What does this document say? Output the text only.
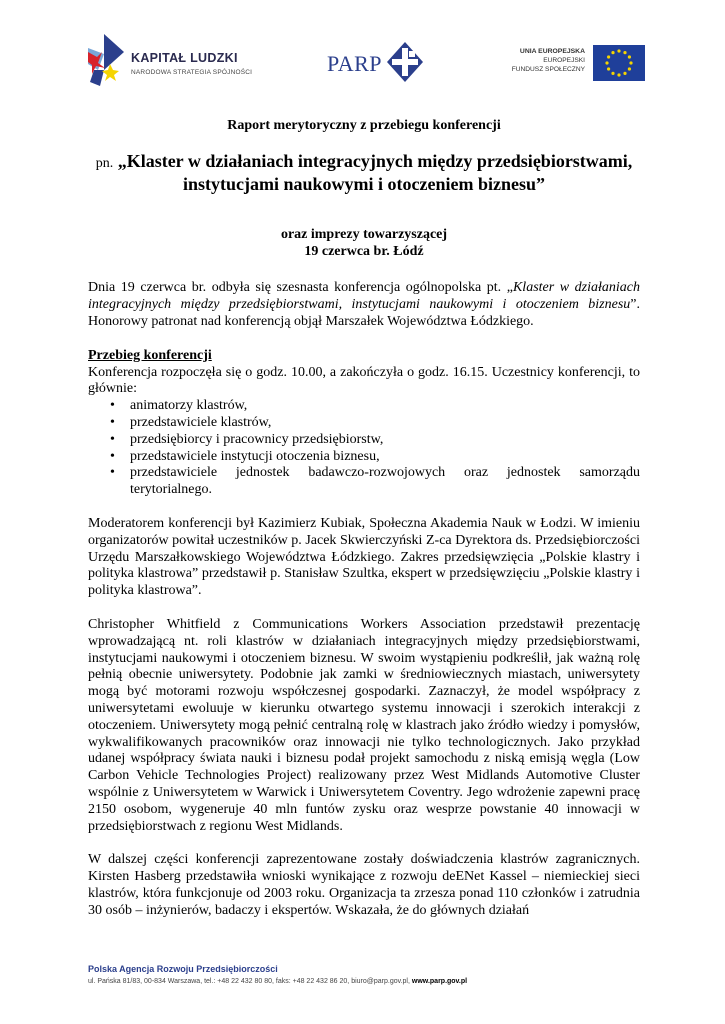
KAPITAŁ LUDZKI
NARODOWA STRATEGIA SPÓJNOŚCI	PARP	UNIA EUROPEJSKA
EUROPEJSKI
FUNDUSZ SPOŁECZNY
Raport merytoryczny z przebiegu konferencji
pn. „Klaster w działaniach integracyjnych między przedsiębiorstwami,
instytucjami naukowymi i otoczeniem biznesu”
oraz imprezy towarzyszącej
19 czerwca br. Łódź

Dnia 19 czerwca br. odbyła się szesnasta konferencja ogólnopolska pt. „Klaster w działaniach integracyjnych między przedsiębiorstwami, instytucjami naukowymi i otoczeniem biznesu”. Honorowy patronat nad konferencją objął Marszałek Województwa Łódzkiego.

Przebieg konferencji

Konferencja rozpoczęła się o godz. 10.00, a zakończyła o godz. 16.15. Uczestnicy konferencji, to głównie:

• animatorzy klastrów,
• przedstawiciele klastrów,
• przedsiębiorcy i pracownicy przedsiębiorstw,
• przedstawiciele instytucji otoczenia biznesu,
• przedstawiciele jednostek badawczo-rozwojowych oraz jednostek samorządu terytorialnego.

Moderatorem konferencji był Kazimierz Kubiak, Społeczna Akademia Nauk w Łodzi. W imieniu organizatorów powitał uczestników p. Jacek Skwierczyński Z-ca Dyrektora ds. Przedsiębiorczości Urzędu Marszałkowskiego Województwa Łódzkiego. Zakres przedsięwzięcia „Polskie klastry i polityka klastrowa” przedstawił p. Stanisław Szultka, ekspert w przedsięwzięciu „Polskie klastry i polityka klastrowa”.

Christopher Whitfield z Communications Workers Association przedstawił prezentację wprowadzającą nt. roli klastrów w działaniach integracyjnych między przedsiębiorstwami, instytucjami naukowymi i otoczeniem biznesu. W swoim wystąpieniu podkreślił, jak ważną rolę pełnią obecnie uniwersytety. Podobnie jak zamki w średniowiecznych miastach, uniwersytety mogą być motorami rozwoju współczesnej gospodarki. Zaznaczył, że model współpracy z uniwersytetami ewoluuje w kierunku otwartego systemu innowacji i szerokich interakcji z otoczeniem. Uniwersytety mogą pełnić centralną rolę w klastrach jako źródło wiedzy i pomysłów, wykwalifikowanych pracowników oraz innowacji nie tylko technologicznych. Jako przykład udanej współpracy świata nauki i biznesu podał projekt samochodu z niską emisją węgla (Low Carbon Vehicle Technologies Project) realizowany przez West Midlands Automotive Cluster wspólnie z Uniwersytetem w Warwick i Uniwersytetem Coventry. Jego wdrożenie zapewni pracę 2150 osobom, wygeneruje 40 mln funtów zysku oraz wesprze powstanie 40 innowacji w przedsiębiorstwach z regionu West Midlands.

W dalszej części konferencji zaprezentowane zostały doświadczenia klastrów zagranicznych. Kirsten Hasberg przedstawiła wnioski wynikające z rozwoju deENet Kassel – niemieckiej sieci klastrów, która funkcjonuje od 2003 roku. Organizacja ta zrzesza ponad 110 członków i zatrudnia 30 osób – inżynierów, badaczy i ekspertów. Wskazała, że do głównych działań

Polska Agencja Rozwoju Przedsiębiorczości
ul. Pańska 81/83, 00-834 Warszawa, tel.: +48 22 432 80 80, faks: +48 22 432 86 20, biuro@parp.gov.pl, www.parp.gov.pl
